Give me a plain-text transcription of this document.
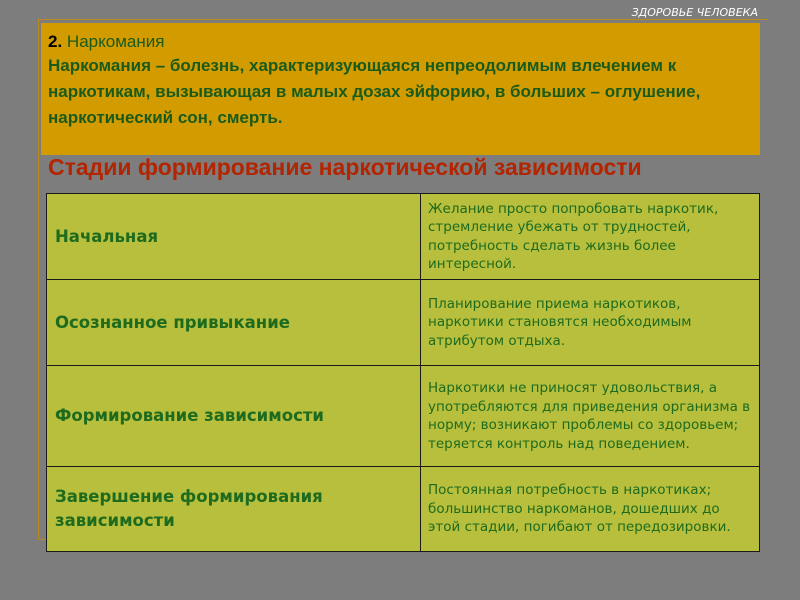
ЗДОРОВЬЕ ЧЕЛОВЕКА
2. Наркомания
Наркомания – болезнь, характеризующаяся непреодолимым влечением к наркотикам, вызывающая в малых дозах эйфорию, в больших – оглушение, наркотический сон, смерть.
Стадии формирование наркотической зависимости
Начальная	Желание просто попробовать наркотик, стремление убежать от трудностей, потребность сделать жизнь более интересной.
Осознанное привыкание	Планирование приема наркотиков, наркотики становятся необходимым атрибутом отдыха.
Формирование зависимости	Наркотики не приносят удовольствия, а употребляются для приведения организма в норму; возникают проблемы со здоровьем; теряется контроль над поведением.
Завершение формирования зависимости	Постоянная потребность в наркотиках; большинство наркоманов, дошедших до этой стадии, погибают от передозировки.
